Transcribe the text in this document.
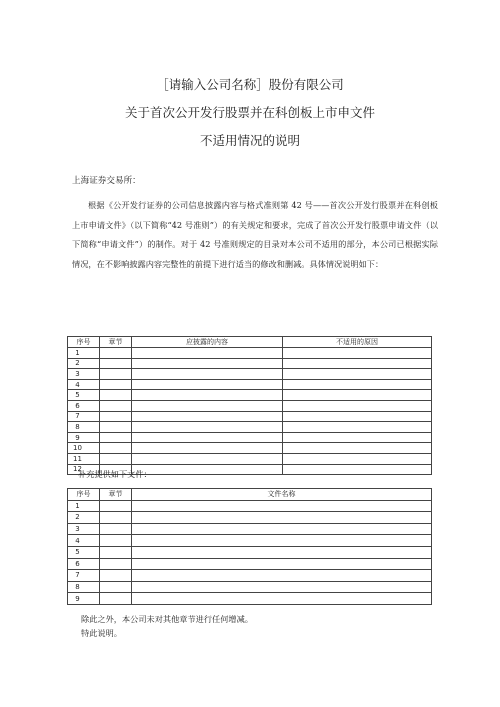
［请输入公司名称］股份有限公司
关于首次公开发行股票并在科创板上市申文件
不适用情况的说明
上海证券交易所：
根据《公开发行证券的公司信息披露内容与格式准则第 42 号——首次公开发行股票并在科创板上市申请文件》（以下简称“42 号准则”）的有关规定和要求，完成了首次公开发行股票申请文件（以下简称“申请文件”）的制作。对于 42 号准则规定的目录对本公司不适用的部分，本公司已根据实际情况，在不影响披露内容完整性的前提下进行适当的修改和删减。具体情况说明如下：
序号	章节	应披露的内容	不适用的原因
1			
2			
3			
4			
5			
6			
7			
8			
9			
10			
11			
12			
补充提供如下文件：
序号	章节	文件名称
1		
2		
3		
4		
5		
6		
7		
8		
9		
除此之外，本公司未对其他章节进行任何增减。
特此说明。
